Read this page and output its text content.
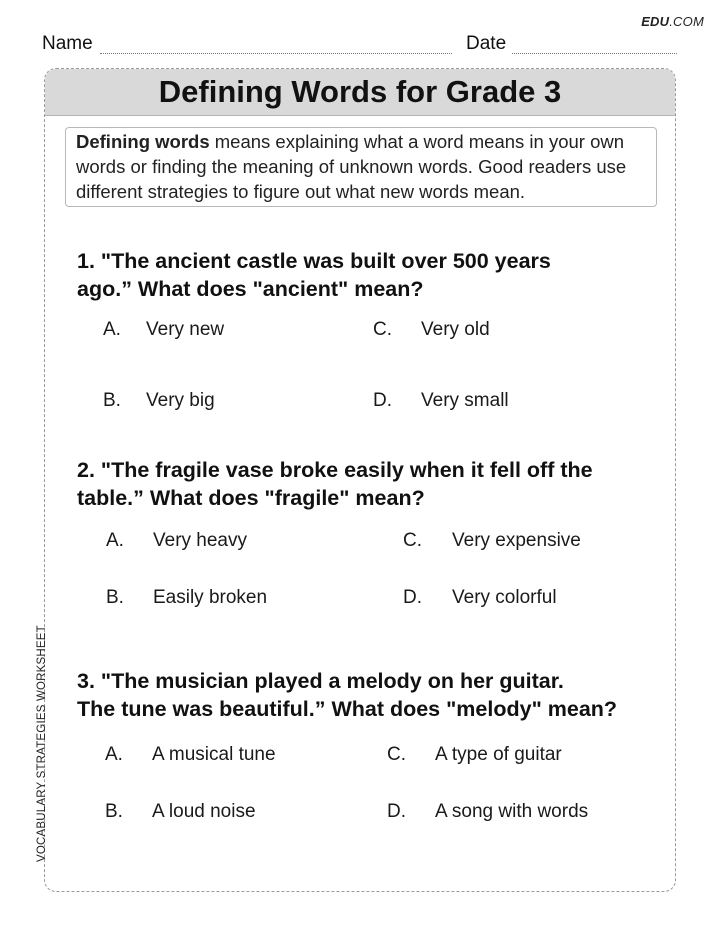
EDU.COM
Name	Date
Defining Words for Grade 3
Defining words means explaining what a word means in your own words or finding the meaning of unknown words. Good readers use different strategies to figure out what new words mean.
1. "The ancient castle was built over 500 years
ago.” What does "ancient" mean?
A. Very new	C. Very old
B. Very big	D. Very small
2. "The fragile vase broke easily when it fell off the
table.” What does "fragile" mean?
A. Very heavy	C. Very expensive
B. Easily broken	D. Very colorful
3. "The musician played a melody on her guitar.
The tune was beautiful.” What does "melody" mean?
A. A musical tune	C. A type of guitar
B. A loud noise	D. A song with words
VOCABULARY STRATEGIES WORKSHEET
